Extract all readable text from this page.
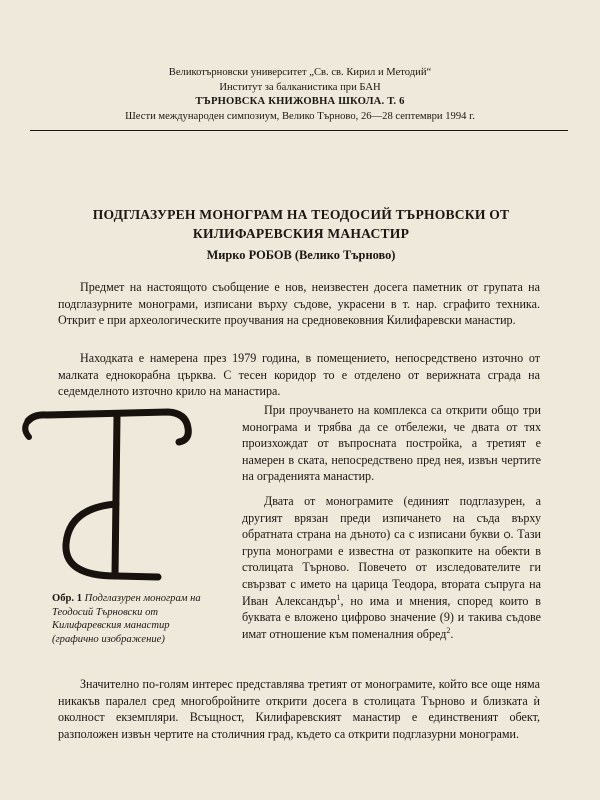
Великотърновски университет „Св. св. Кирил и Методий“
Институт за балканистика при БАН
ТЪРНОВСКА КНИЖОВНА ШКОЛА. Т. 6
Шести международен симпозиум, Велико Търново, 26—28 септември 1994 г.
ПОДГЛАЗУРЕН МОНОГРАМ НА ТЕОДОСИЙ ТЪРНОВСКИ ОТ
КИЛИФАРЕВСКИЯ МАНАСТИР
Мирко РОБОВ (Велико Търново)
Предмет на настоящото съобщение е нов, неизвестен досега паметник от групата на подглазурните монограми, изписани върху съдове, украсени в т. нар. сграфито техника. Открит е при археологическите проучвания на средновековния Килифаревски манастир.
Находката е намерена през 1979 година, в помещението, непосредствено източно от малката еднокорабна църква. С тесен коридор то е отделено от верижната сграда на седемделното източно крило на манастира.
Обр. 1 Подглазурен монограм на Теодосий Търновски от Килифаревския манастир (графично изображение)
При проучването на комплекса са открити общо три монограма и трябва да се отбележи, че двата от тях произхождат от въпросната постройка, а третият е намерен в ската, непосредствено пред нея, извън чертите на ограденията манастир.
Двата от монограмите (единият подглазурен, а другият врязан преди изпичането на съда върху обратната страна на дъното) са с изписани букви ѻ. Тази група монограми е известна от разкопките на обекти в столицата Търново. Повечето от изследователите ги свързват с името на царица Теодора, втората съпруга на Иван Александър$^1$, но има и мнения, според които в буквата е вложено цифрово значение (9) и такива съдове имат отношение към поменалния обред$^2$.
Значително по-голям интерес представлява третият от монограмите, който все още няма никакъв паралел сред многобройните открити досега в столицата Търново и близката ѝ околност екземпляри. Всъщност, Килифаревският манастир е единственият обект, разположен извън чертите на столичния град, където са открити подглазурни монограми.
